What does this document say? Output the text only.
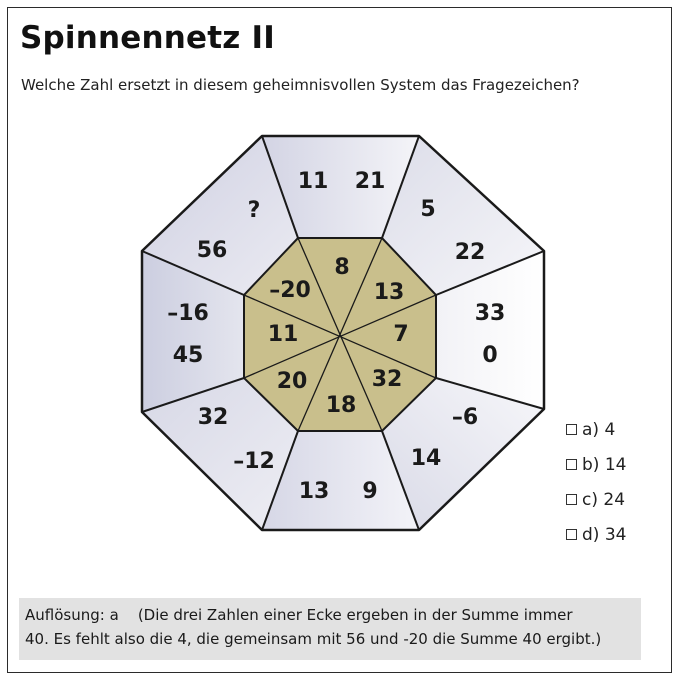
Spinnennetz II
Welche Zahl ersetzt in diesem geheimnisvollen System das Fragezeichen?
8
13
7
32
18
20
11
–20
11 21
5
22
33
0
–6
14
13 9
32
–12
–16
45
?
56
a) 4
b) 14
c) 24
d) 34
Auflösung: a    (Die drei Zahlen einer Ecke ergeben in der Summe immer
40. Es fehlt also die 4, die gemeinsam mit 56 und -20 die Summe 40 ergibt.)
